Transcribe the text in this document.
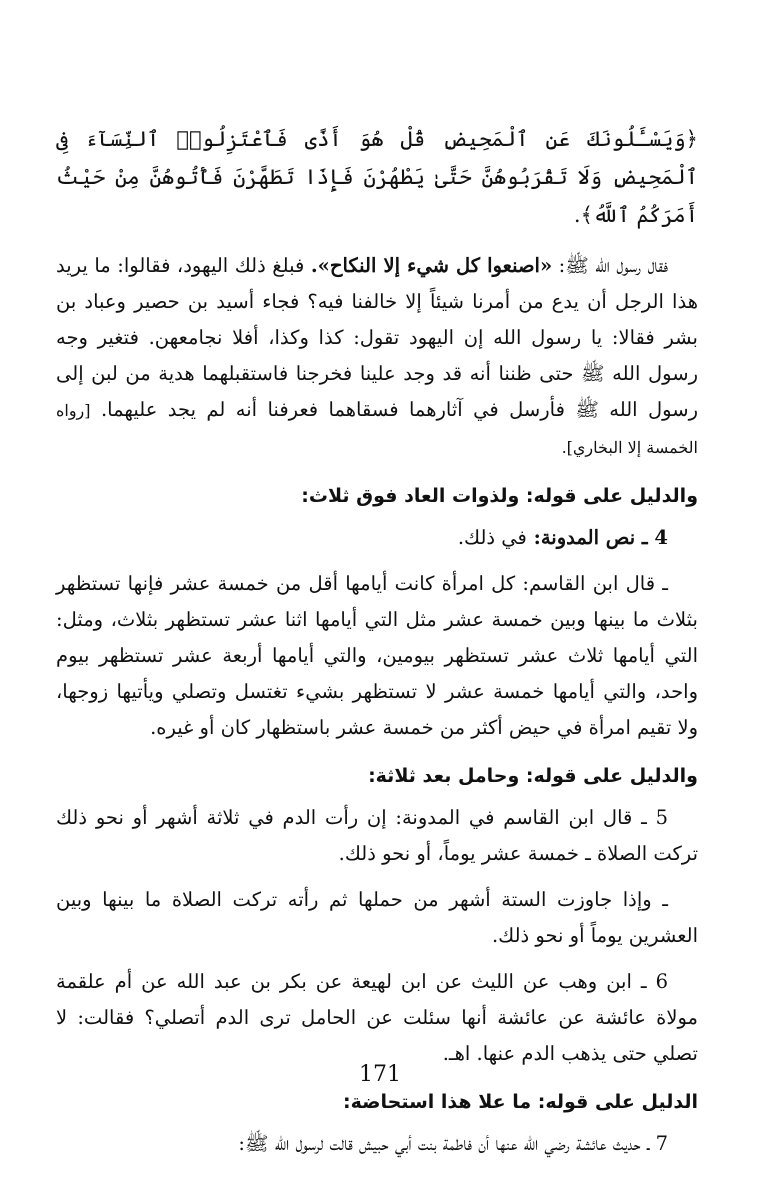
﴿وَيَسْـَٔلُونَكَ عَنِ ٱلْمَحِيضِ قُلْ هُوَ أَذًى فَٱعْتَزِلُوا۟ ٱلنِّسَآءَ فِى ٱلْمَحِيضِ وَلَا تَقْرَبُوهُنَّ حَتَّىٰ يَطْهُرْنَ فَإِذَا تَطَهَّرْنَ فَأْتُوهُنَّ مِنْ حَيْثُ أَمَرَكُمُ ٱللَّهُ﴾.

فقال رسول الله ﷺ: «اصنعوا كل شيء إلا النكاح». فبلغ ذلك اليهود، فقالوا: ما يريد هذا الرجل أن يدع من أمرنا شيئاً إلا خالفنا فيه؟ فجاء أسيد بن حصير وعباد بن بشر فقالا: يا رسول الله إن اليهود تقول: كذا وكذا، أفلا نجامعهن. فتغير وجه رسول الله ﷺ حتى ظننا أنه قد وجد علينا فخرجنا فاستقبلهما هدية من لبن إلى رسول الله ﷺ فأرسل في آثارهما فسقاهما فعرفنا أنه لم يجد عليهما. [رواه الخمسة إلا البخاري].

والدليل على قوله: ولذوات العاد فوق ثلاث:

4 ـ نص المدونة: في ذلك.

ـ قال ابن القاسم: كل امرأة كانت أيامها أقل من خمسة عشر فإنها تستظهر بثلاث ما بينها وبين خمسة عشر مثل التي أيامها اثنا عشر تستظهر بثلاث، ومثل: التي أيامها ثلاث عشر تستظهر بيومين، والتي أيامها أربعة عشر تستظهر بيوم واحد، والتي أيامها خمسة عشر لا تستظهر بشيء تغتسل وتصلي ويأتيها زوجها، ولا تقيم امرأة في حيض أكثر من خمسة عشر باستظهار كان أو غيره.

والدليل على قوله: وحامل بعد ثلاثة:

5 ـ قال ابن القاسم في المدونة: إن رأت الدم في ثلاثة أشهر أو نحو ذلك تركت الصلاة ـ خمسة عشر يوماً، أو نحو ذلك.

ـ وإذا جاوزت الستة أشهر من حملها ثم رأته تركت الصلاة ما بينها وبين العشرين يوماً أو نحو ذلك.

6 ـ ابن وهب عن الليث عن ابن لهيعة عن بكر بن عبد الله عن أم علقمة مولاة عائشة عن عائشة أنها سئلت عن الحامل ترى الدم أتصلي؟ فقالت: لا تصلي حتى يذهب الدم عنها. اهـ.

الدليل على قوله: ما علا هذا استحاضة:

7 ـ حديث عائشة رضي الله عنها أن فاطمة بنت أبي حبيش قالت لرسول الله ﷺ:

171
